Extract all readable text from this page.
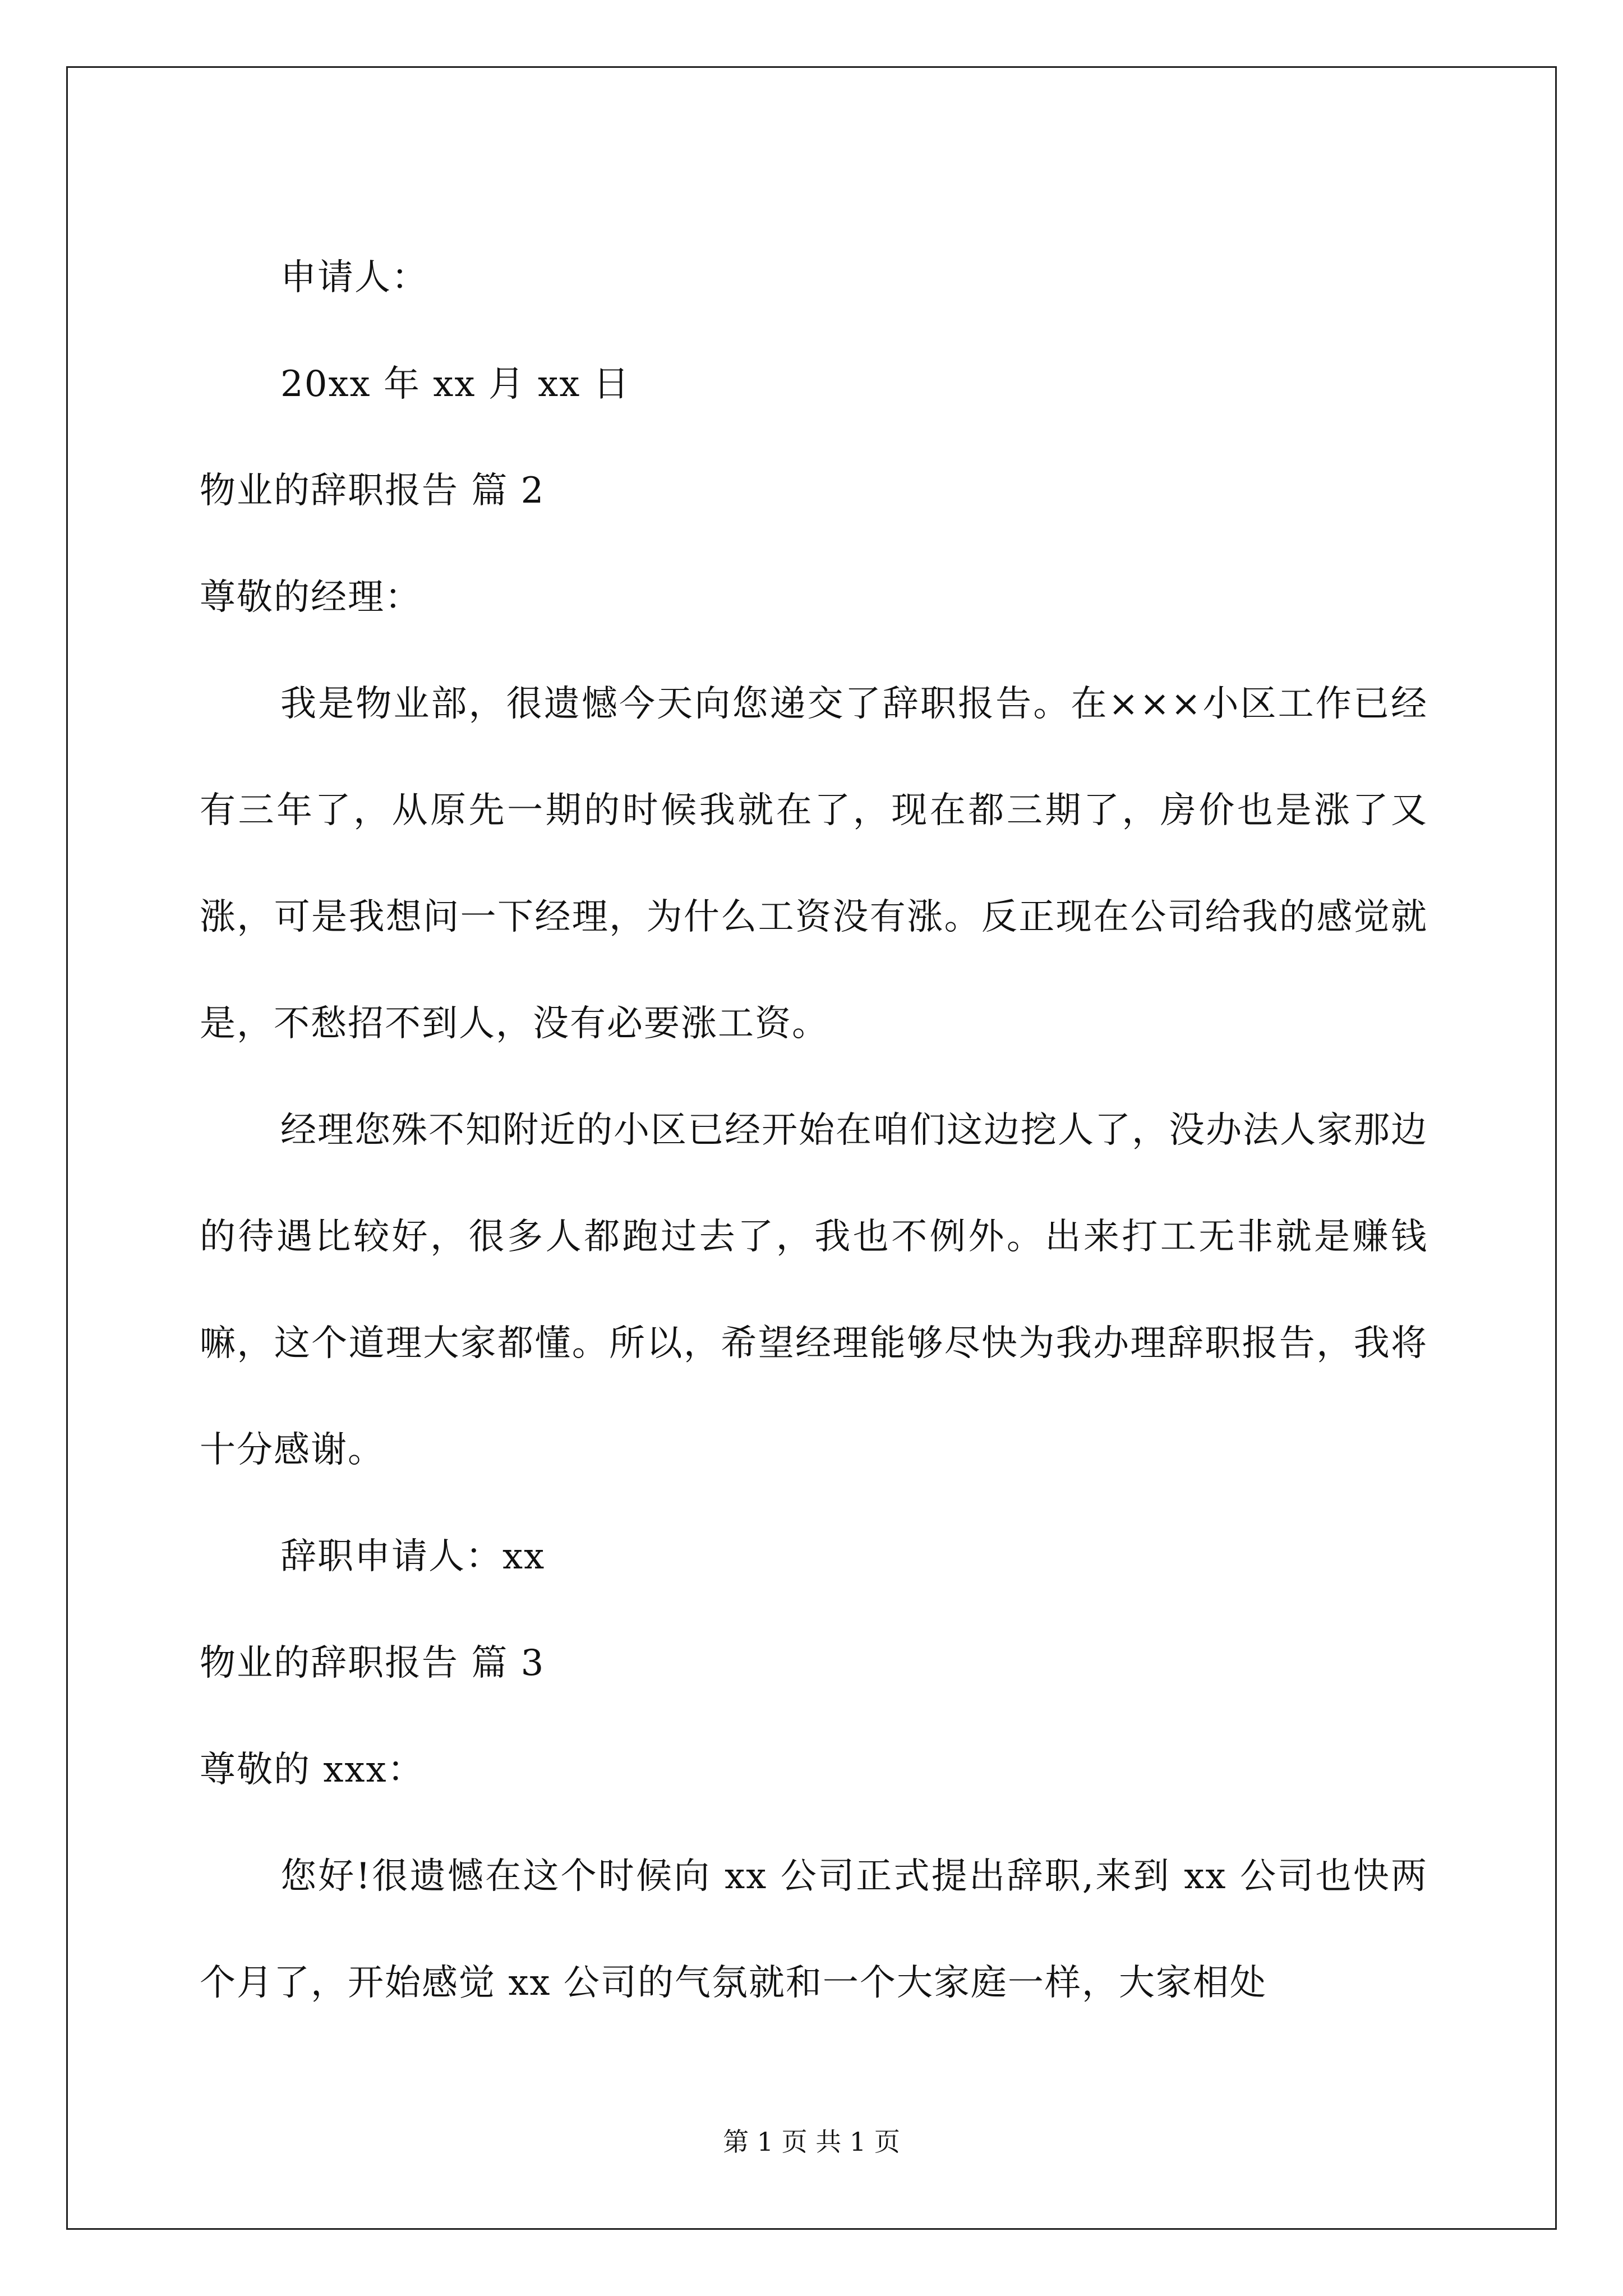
申请人：
20xx 年 xx 月 xx 日
物业的辞职报告 篇 2
尊敬的经理：

我是物业部，很遗憾今天向您递交了辞职报告。在×××小区工作已经有三年了，从原先一期的时候我就在了，现在都三期了，房价也是涨了又涨，可是我想问一下经理，为什么工资没有涨。反正现在公司给我的感觉就是，不愁招不到人，没有必要涨工资。

经理您殊不知附近的小区已经开始在咱们这边挖人了，没办法人家那边的待遇比较好，很多人都跑过去了，我也不例外。出来打工无非就是赚钱嘛，这个道理大家都懂。所以，希望经理能够尽快为我办理辞职报告，我将十分感谢。

辞职申请人：xx
物业的辞职报告 篇 3
尊敬的 xxx：

您好!很遗憾在这个时候向 xx 公司正式提出辞职,来到 xx 公司也快两个月了，开始感觉 xx 公司的气氛就和一个大家庭一样，大家相处

第 1 页 共 1 页
